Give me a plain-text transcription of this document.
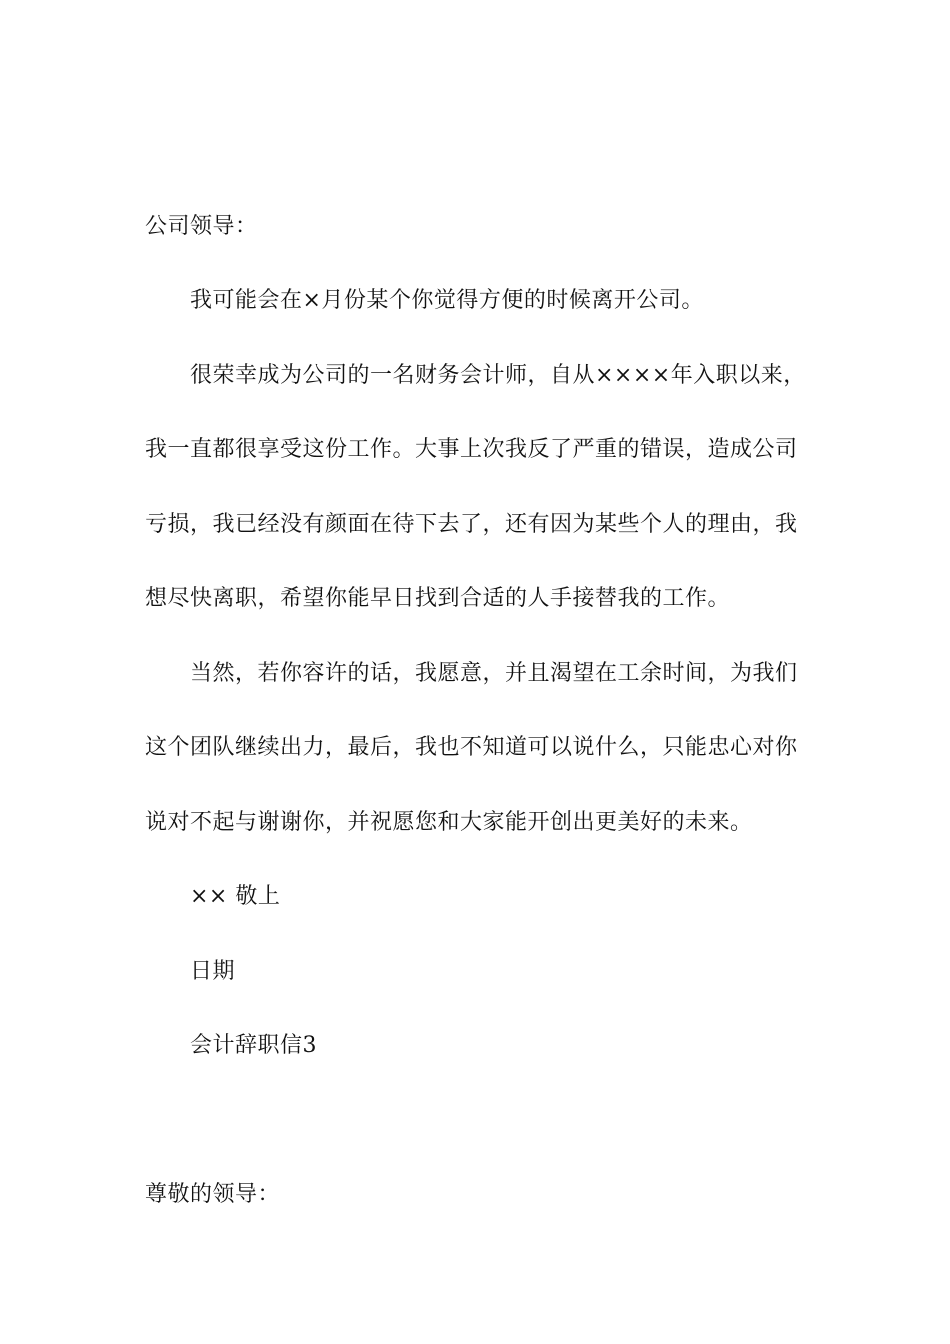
公司领导：
我可能会在×月份某个你觉得方便的时候离开公司。
很荣幸成为公司的一名财务会计师，自从××××年入职以来，
我一直都很享受这份工作。大事上次我反了严重的错误，造成公司
亏损，我已经没有颜面在待下去了，还有因为某些个人的理由，我
想尽快离职，希望你能早日找到合适的人手接替我的工作。
当然，若你容许的话，我愿意，并且渴望在工余时间，为我们
这个团队继续出力，最后，我也不知道可以说什么，只能忠心对你
说对不起与谢谢你，并祝愿您和大家能开创出更美好的未来。
×× 敬上
日期
会计辞职信3
尊敬的领导：
